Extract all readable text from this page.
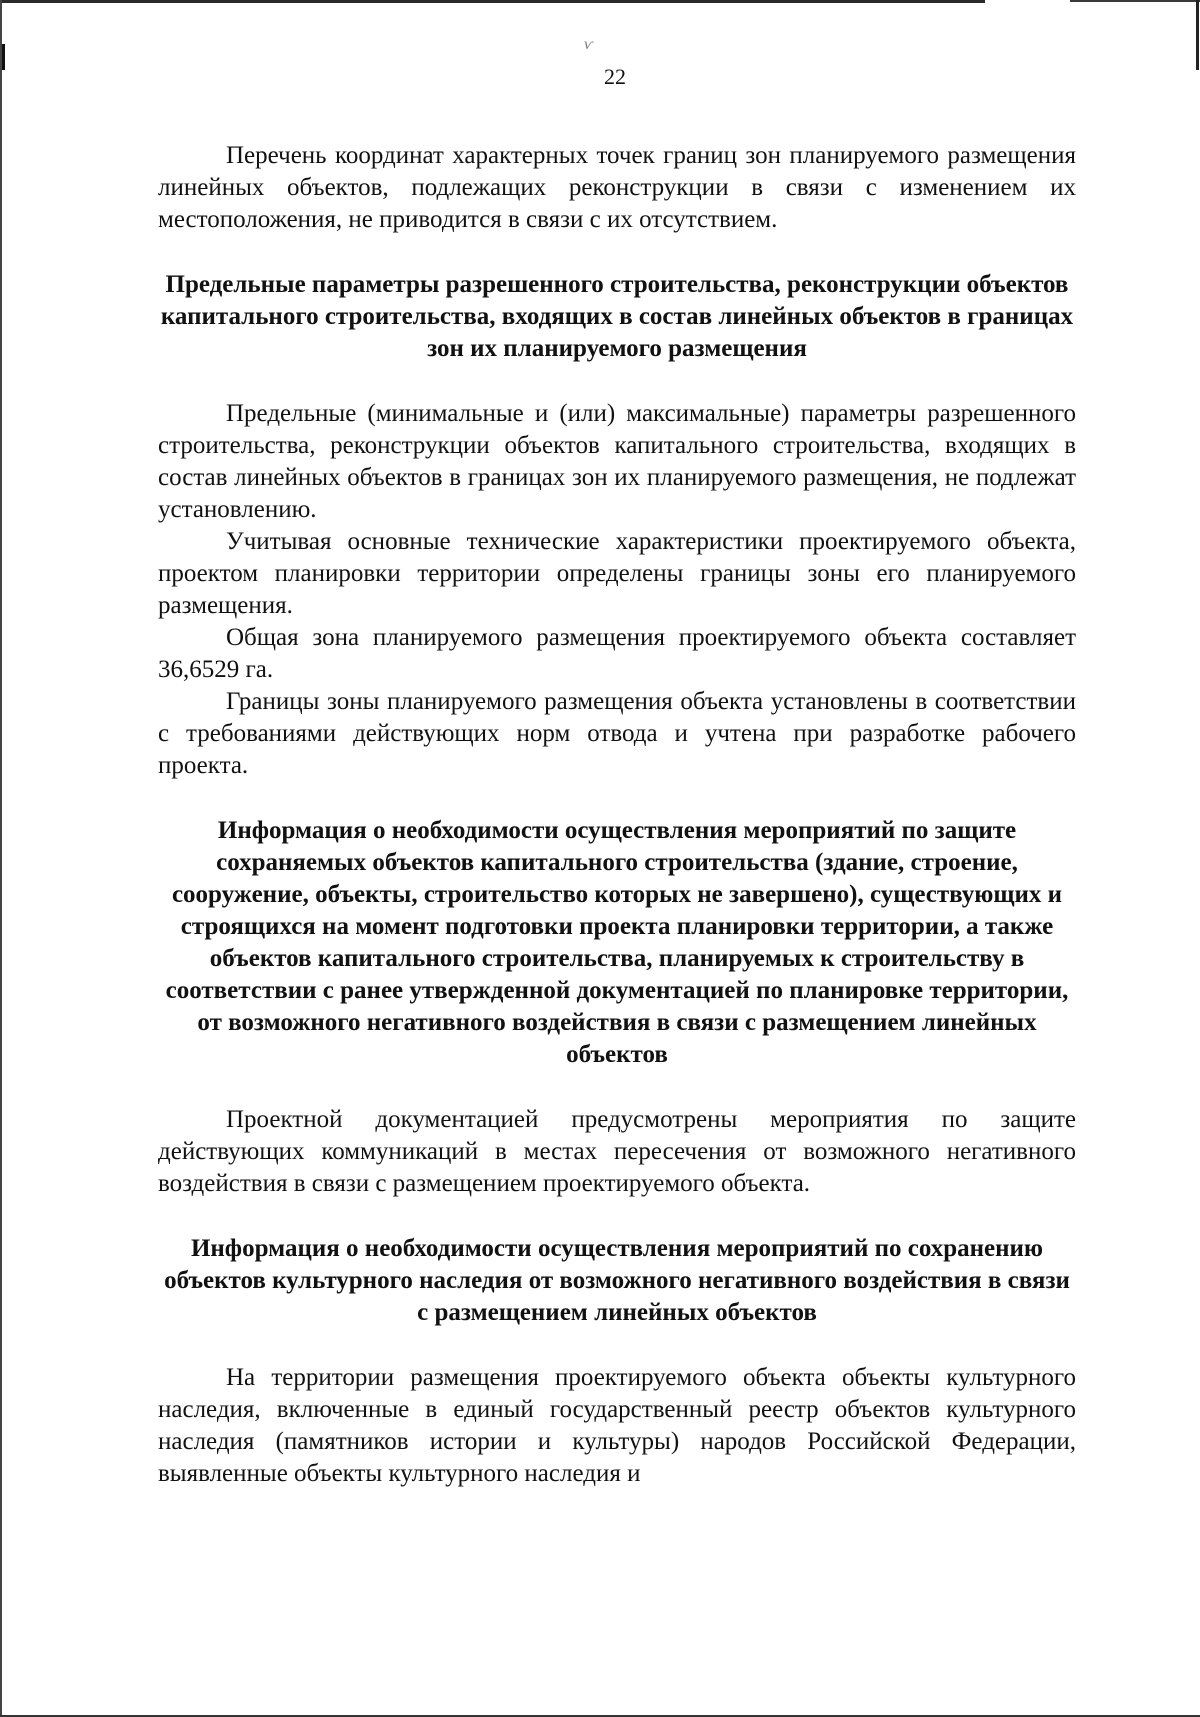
ѵ
22

Перечень координат характерных точек границ зон планируемого размещения линейных объектов, подлежащих реконструкции в связи с изменением их местоположения, не приводится в связи с их отсутствием.

Предельные параметры разрешенного строительства, реконструкции объектов капитального строительства, входящих в состав линейных объектов в границах зон их планируемого размещения

Предельные (минимальные и (или) максимальные) параметры разрешенного строительства, реконструкции объектов капитального строительства, входящих в состав линейных объектов в границах зон их планируемого размещения, не подлежат установлению.

Учитывая основные технические характеристики проектируемого объекта, проектом планировки территории определены границы зоны его планируемого размещения.

Общая зона планируемого размещения проектируемого объекта составляет 36,6529 га.

Границы зоны планируемого размещения объекта установлены в соответствии с требованиями действующих норм отвода и учтена при разработке рабочего проекта.

Информация о необходимости осуществления мероприятий по защите сохраняемых объектов капитального строительства (здание, строение, сооружение, объекты, строительство которых не завершено), существующих и строящихся на момент подготовки проекта планировки территории, а также объектов капитального строительства, планируемых к строительству в соответствии с ранее утвержденной документацией по планировке территории, от возможного негативного воздействия в связи с размещением линейных объектов

Проектной документацией предусмотрены мероприятия по защите действующих коммуникаций в местах пересечения от возможного негативного воздействия в связи с размещением проектируемого объекта.

Информация о необходимости осуществления мероприятий по сохранению объектов культурного наследия от возможного негативного воздействия в связи с размещением линейных объектов

На территории размещения проектируемого объекта объекты культурного наследия, включенные в единый государственный реестр объектов культурного наследия (памятников истории и культуры) народов Российской Федерации, выявленные объекты культурного наследия и
